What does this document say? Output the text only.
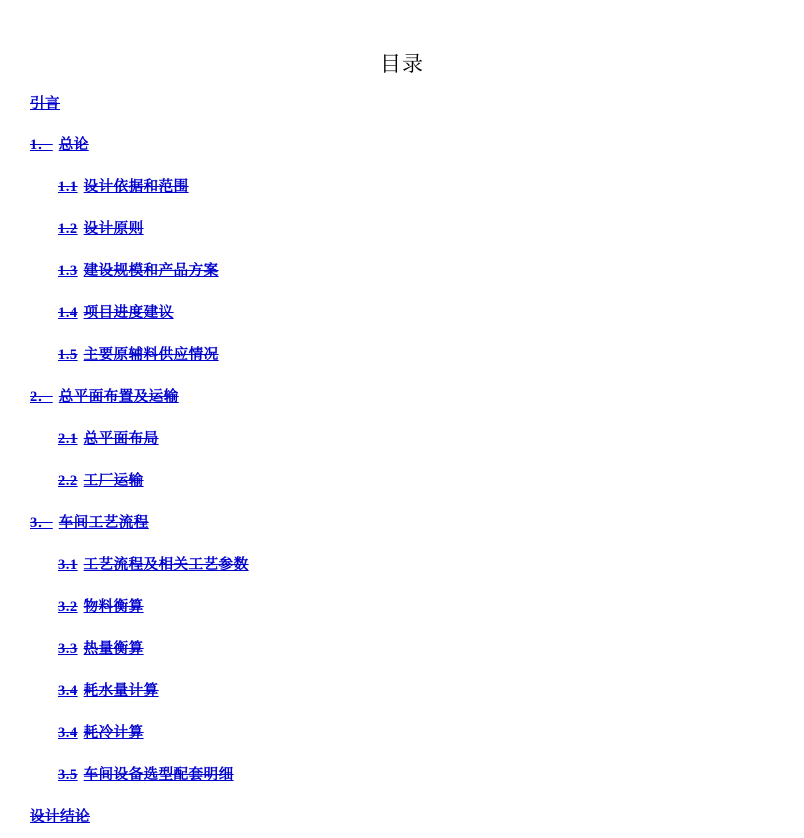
目录
引言
1． 总论
1.1 设计依据和范围
1.2 设计原则
1.3 建设规模和产品方案
1.4 项目进度建议
1.5 主要原辅料供应情况
2． 总平面布置及运输
2.1 总平面布局
2.2 工厂运输
3． 车间工艺流程
3.1 工艺流程及相关工艺参数
3.2 物料衡算
3.3 热量衡算
3.4 耗水量计算
3.4 耗冷计算
3.5 车间设备选型配套明细
设计结论
